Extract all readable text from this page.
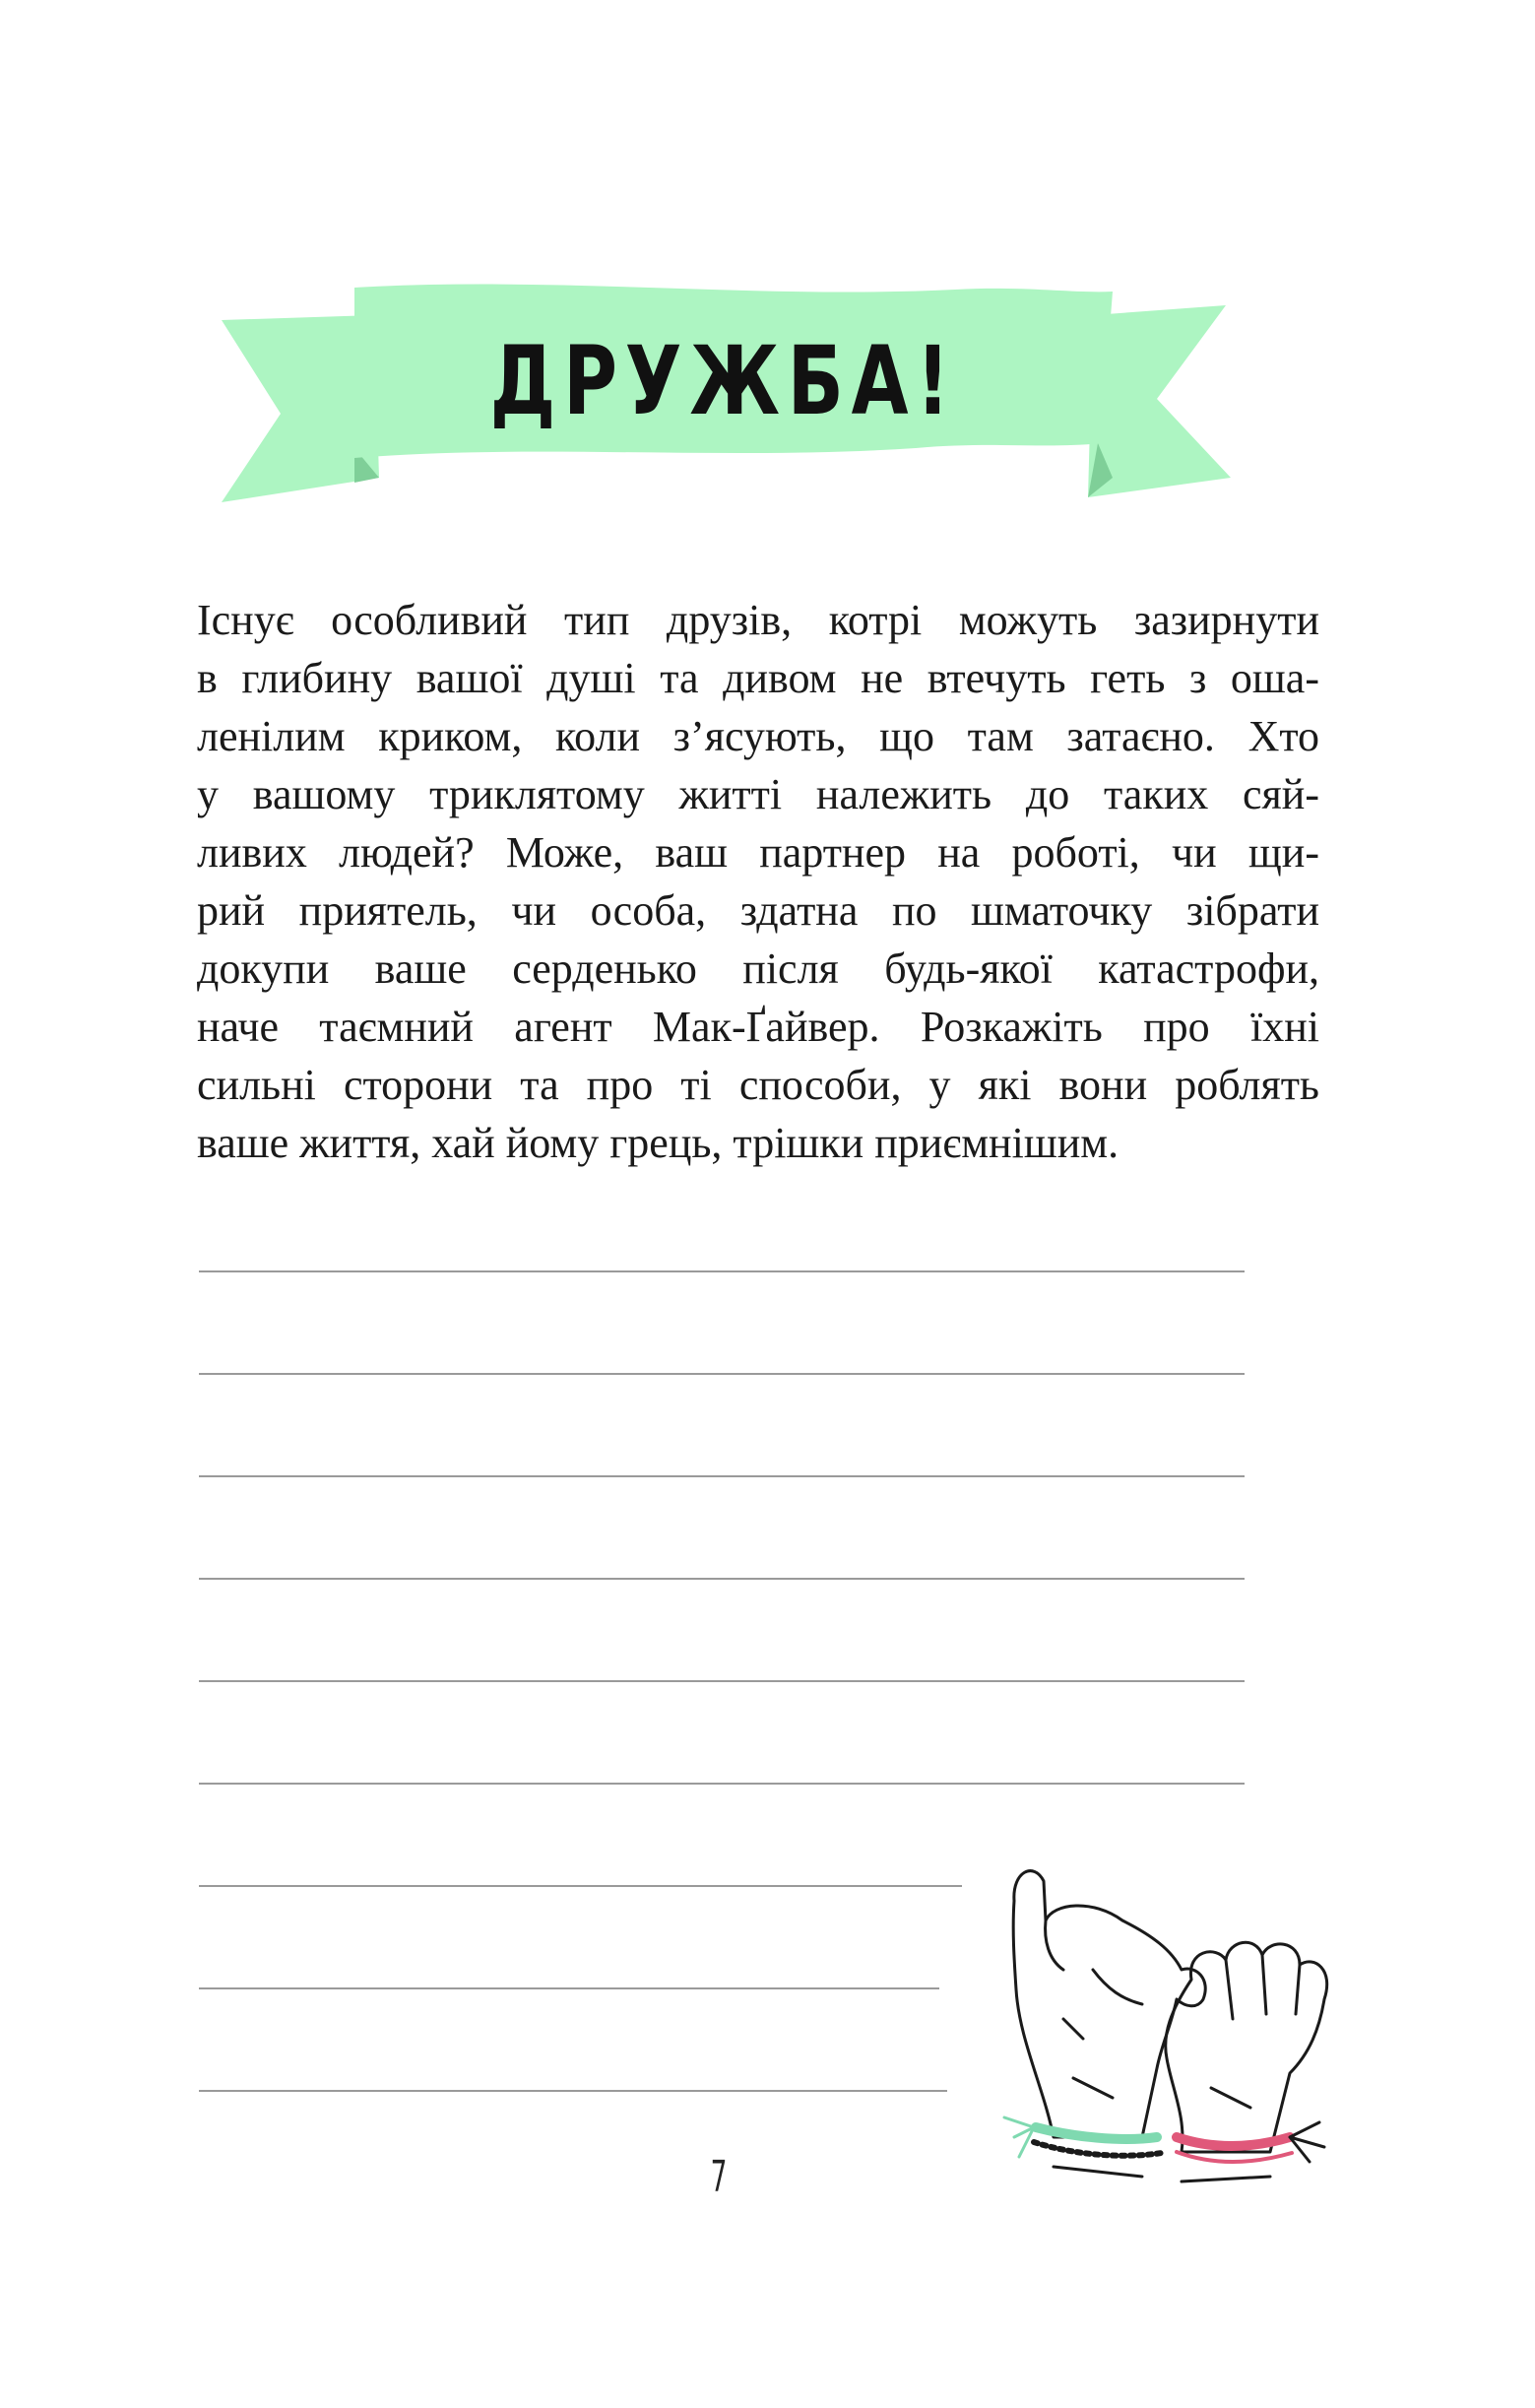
ДРУЖБА!
Існує особливий тип друзів, котрі можуть зазирнути
в глибину вашої душі та дивом не втечуть геть з оша-
ленілим криком, коли з’ясують, що там затаєно. Хто
у вашому триклятому житті належить до таких сяй-
ливих людей? Може, ваш партнер на роботі, чи щи-
рий приятель, чи особа, здатна по шматочку зібрати
докупи ваше серденько після будь-якої катастрофи,
наче таємний агент Мак-Ґайвер. Розкажіть про їхні
сильні сторони та про ті способи, у які вони роблять
ваше життя, хай йому грець, трішки приємнішим.
7
